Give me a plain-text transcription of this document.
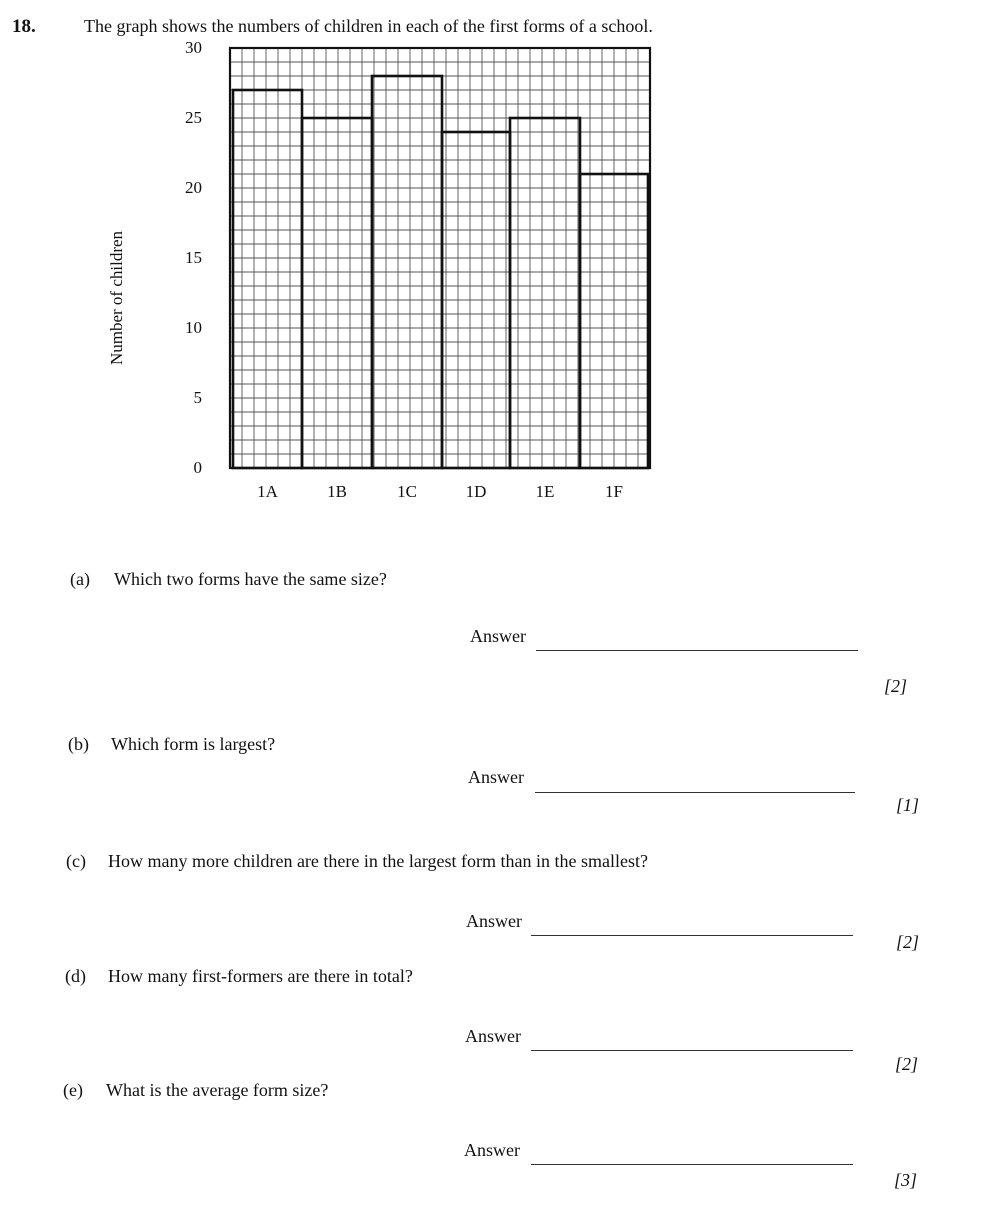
18.	The graph shows the numbers of children in each of the first forms of a school.
0
5
10
15
20
25
30
1A	1B	1C	1D	1E	1F
Number of children
(a) Which two forms have the same size?
Answer
[2]
(b) Which form is largest?
Answer
[1]
(c) How many more children are there in the largest form than in the smallest?
Answer
[2]
(d) How many first-formers are there in total?
Answer
[2]
(e) What is the average form size?
Answer
[3]
